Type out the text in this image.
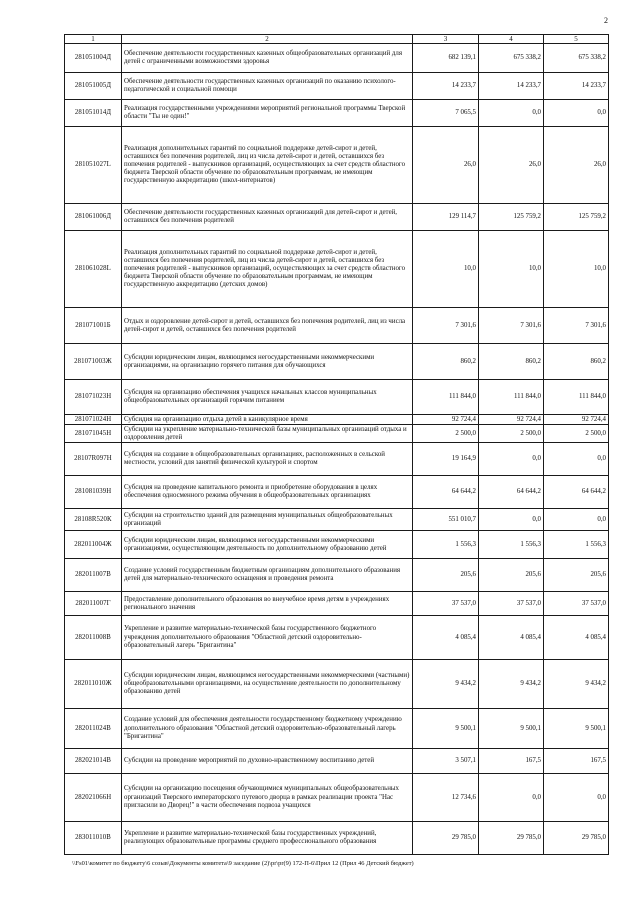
2
1	2	3	4	5
281051004Д	Обеспечение деятельности государственных казенных общеобразовательных организаций для детей с ограниченными возможностями здоровья	682 139,1	675 338,2	675 338,2
281051005Д	Обеспечение деятельности государственных казенных организаций по оказанию психолого-педагогической и социальной помощи	14 233,7	14 233,7	14 233,7
281051014Д	Реализация государственными учреждениями мероприятий региональной программы Тверской области "Ты не один!"	7 065,5	0,0	0,0
281051027L	Реализация дополнительных гарантий по социальной поддержке детей-сирот и детей, оставшихся без попечения родителей, лиц из числа детей-сирот и детей, оставшихся без попечения родителей - выпускников организаций, осуществляющих за счет средств областного бюджета Тверской области обучение по образовательным программам, не имеющим государственную аккредитацию (школ-интернатов)	26,0	26,0	26,0
281061006Д	Обеспечение деятельности государственных казенных организаций для детей-сирот и детей, оставшихся без попечения родителей	129 114,7	125 759,2	125 759,2
281061028L	Реализация дополнительных гарантий по социальной поддержке детей-сирот и детей, оставшихся без попечения родителей, лиц из числа детей-сирот и детей, оставшихся без попечения родителей - выпускников организаций, осуществляющих за счет средств областного бюджета Тверской области обучение по образовательным программам, не имеющим государственную аккредитацию (детских домов)	10,0	10,0	10,0
281071001Б	Отдых и оздоровление детей-сирот и детей, оставшихся без попечения родителей, лиц из числа детей-сирот и детей, оставшихся без попечения родителей	7 301,6	7 301,6	7 301,6
281071003Ж	Субсидии юридическим лицам, являющимся негосударственными некоммерческими организациями, на организацию горячего питания для обучающихся	860,2	860,2	860,2
281071023Н	Субсидия на организацию обеспечения учащихся начальных классов муниципальных общеобразовательных организаций горячим питанием	111 844,0	111 844,0	111 844,0
281071024Н	Субсидия на организацию отдыха детей в каникулярное время	92 724,4	92 724,4	92 724,4
281071045Н	Субсидии на укрепление материально-технической базы муниципальных организаций отдыха и оздоровления детей	2 500,0	2 500,0	2 500,0
28107R097Н	Субсидия на создание в общеобразовательных организациях, расположенных в сельской местности, условий для занятий физической культурой и спортом	19 164,9	0,0	0,0
281081039Н	Субсидия на проведение капитального ремонта и приобретение оборудования в целях обеспечения односменного режима обучения в общеобразовательных организациях	64 644,2	64 644,2	64 644,2
28108R520К	Субсидии на строительство зданий для размещения муниципальных общеобразовательных организаций	551 010,7	0,0	0,0
282011004Ж	Субсидии юридическим лицам, являющимся негосударственными некоммерческими организациями, осуществляющим деятельность по дополнительному образованию детей	1 556,3	1 556,3	1 556,3
282011007В	Создание условий государственным бюджетным организациям дополнительного образования детей для материально-технического оснащения и проведения ремонта	205,6	205,6	205,6
282011007Г	Предоставление дополнительного образования во внеучебное время детям в учреждениях регионального значения	37 537,0	37 537,0	37 537,0
282011008В	Укрепление и развитие материально-технической базы государственного бюджетного учреждения дополнительного образования "Областной детский оздоровительно-образовательный лагерь "Бригантина"	4 085,4	4 085,4	4 085,4
282011010Ж	Субсидии юридическим лицам, являющимся негосударственными некоммерческими (частными) общеобразовательными организациями, на осуществление деятельности по дополнительному образованию детей	9 434,2	9 434,2	9 434,2
282011024В	Создание условий для обеспечения деятельности государственному бюджетному учреждению дополнительного образования "Областной детский оздоровительно-образовательный лагерь "Бригантина"	9 500,1	9 500,1	9 500,1
282021014В	Субсидии на проведение мероприятий по духовно-нравственному воспитанию детей	3 507,1	167,5	167,5
282021066Н	Субсидии на организацию посещения обучающимися муниципальных общеобразовательных организаций Тверского императорского путевого дворца в рамках реализации проекта "Нас пригласили во Дворец!" в части обеспечения подвоза учащихся	12 734,6	0,0	0,0
283011010В	Укрепление и развитие материально-технической базы государственных учреждений, реализующих образовательные программы среднего профессионального образования	29 785,0	29 785,0	29 785,0
\\Fs01\комитет по бюджету\6 созыв\Документы комитета\9 заседание (2)\pr\pr(9) 172-П-6\Прил 12 (Прил 46 Детский бюджет)
